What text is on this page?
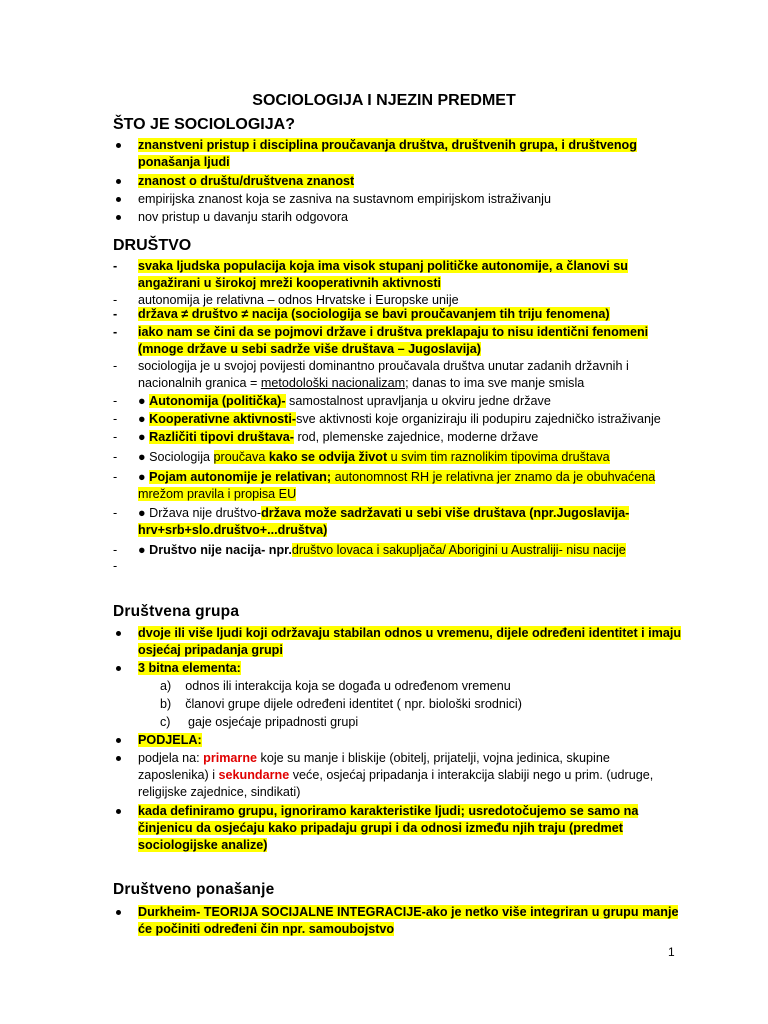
SOCIOLOGIJA I NJEZIN PREDMET
ŠTO JE SOCIOLOGIJA?
znanstveni pristup i disciplina proučavanja društva, društvenih grupa, i društvenog ponašanja ljudi
znanost o društu/društvena znanost
empirijska znanost koja se zasniva na sustavnom empirijskom istraživanju
nov pristup u davanju starih odgovora
DRUŠTVO
-	svaka ljudska populacija koja ima visok stupanj političke autonomije, a članovi su angažirani u širokoj mreži kooperativnih aktivnosti
-	autonomija je relativna – odnos Hrvatske i Europske unije
-	država ≠ društvo ≠ nacija (sociologija se bavi proučavanjem tih triju fenomena)
-	iako nam se čini da se pojmovi države i društva preklapaju to nisu identični fenomeni (mnoge države u sebi sadrže više društava – Jugoslavija)
-	sociologija je u svojoj povijesti dominantno proučavala društva unutar zadanih državnih i nacionalnih granica = metodološki nacionalizam; danas to ima sve manje smisla
-	● Autonomija (politička)- samostalnost upravljanja u okviru jedne države
-	● Kooperativne aktivnosti-sve aktivnosti koje organiziraju ili podupiru zajedničko istraživanje
-	● Različiti tipovi društava- rod, plemenske zajednice, moderne države
-	● Sociologija proučava kako se odvija život u svim tim raznolikim tipovima društava
-	● Pojam autonomije je relativan; autonomnost RH je relativna jer znamo da je obuhvaćena mrežom pravila i propisa EU
-	● Država nije društvo-država može sadržavati u sebi više društava (npr.Jugoslavija-hrv+srb+slo.društvo+...društva)
-	● Društvo nije nacija- npr.društvo lovaca i sakupljača/ Aborigini u Australiji- nisu nacije
-
Društvena grupa
dvoje ili više ljudi koji održavaju stabilan odnos u vremenu, dijele određeni identitet i imaju osjećaj pripadanja grupi
3 bitna elementa:
a) odnos ili interakcija koja se događa u određenom vremenu
b) članovi grupe dijele određeni identitet ( npr. biološki srodnici)
c) gaje osjećaje pripadnosti grupi
PODJELA:
podjela na: primarne koje su manje i bliskije (obitelj, prijatelji, vojna jedinica, skupine zaposlenika) i sekundarne veće, osjećaj pripadanja i interakcija slabiji nego u prim. (udruge, religijske zajednice, sindikati)
kada definiramo grupu, ignoriramo karakteristike ljudi; usredotočujemo se samo na činjenicu da osjećaju kako pripadaju grupi i da odnosi između njih traju (predmet sociologijske analize)
Društveno ponašanje
Durkheim- TEORIJA SOCIJALNE INTEGRACIJE-ako je netko više integriran u grupu manje će počiniti određeni čin npr. samoubojstvo
1
